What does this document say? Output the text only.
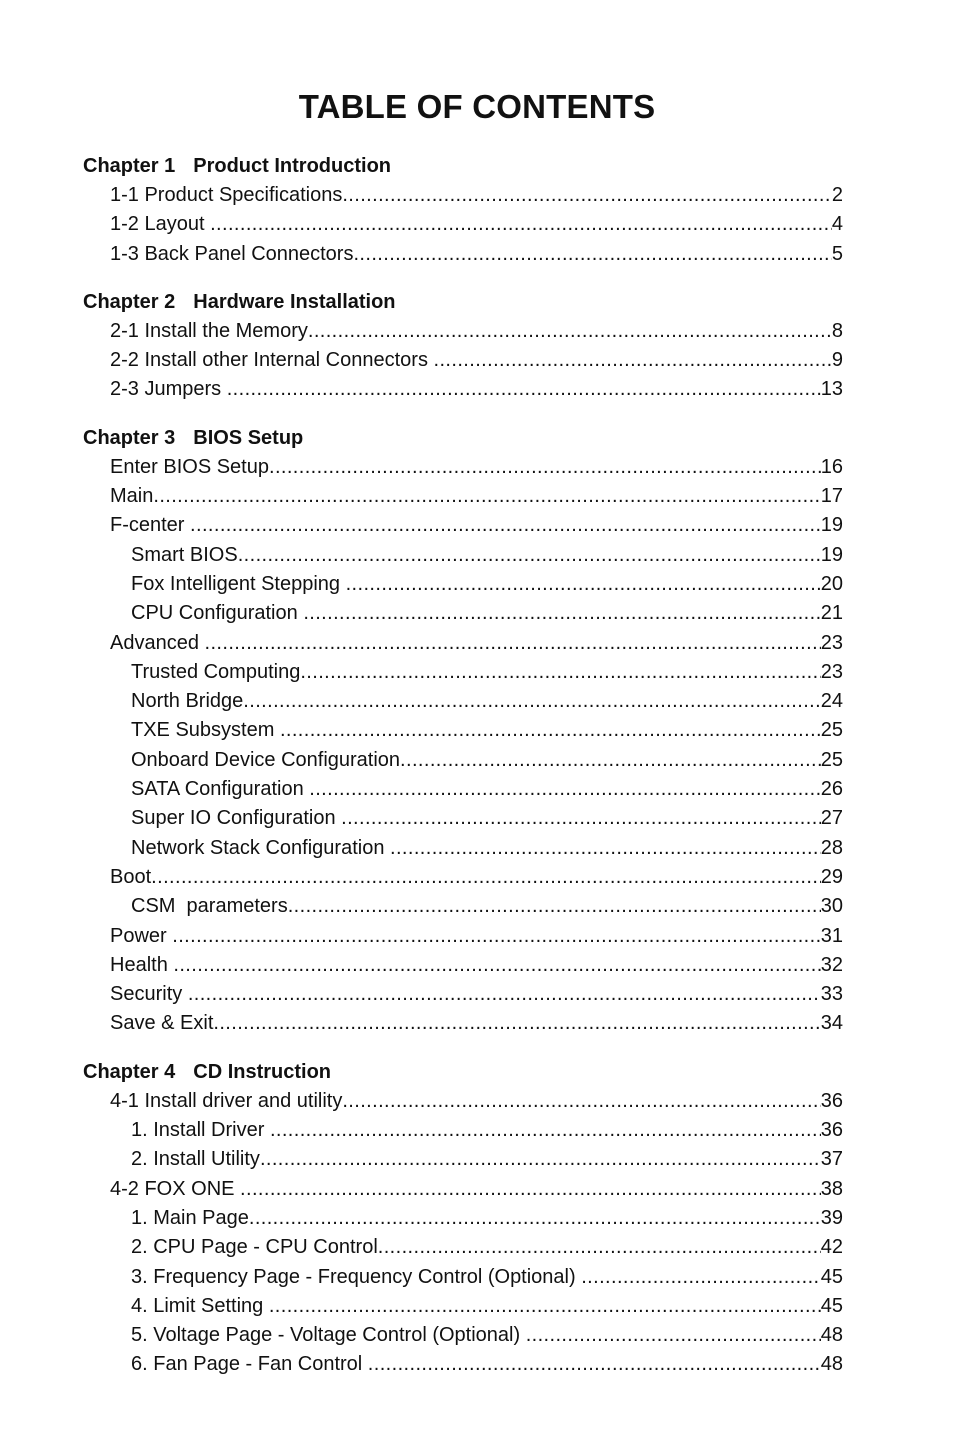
TABLE OF CONTENTS
Chapter 1 Product Introduction
1-1 Product Specifications .....	2
1-2 Layout .....	4
1-3 Back Panel Connectors .....	5
Chapter 2 Hardware Installation
2-1 Install the Memory .....	8
2-2 Install other Internal Connectors .....	9
2-3 Jumpers .....	13
Chapter 3 BIOS Setup
Enter BIOS Setup .....	16
Main .....	17
F-center .....	19
Smart BIOS .....	19
Fox Intelligent Stepping .....	20
CPU Configuration .....	21
Advanced .....	23
Trusted Computing .....	23
North Bridge .....	24
TXE Subsystem .....	25
Onboard Device Configuration .....	25
SATA Configuration .....	26
Super IO Configuration .....	27
Network Stack Configuration .....	28
Boot .....	29
CSM  parameters .....	30
Power .....	31
Health .....	32
Security .....	33
Save & Exit .....	34
Chapter 4 CD Instruction
4-1 Install driver and utility .....	36
1. Install Driver .....	36
2. Install Utility .....	37
4-2 FOX ONE .....	38
1. Main Page .....	39
2. CPU Page - CPU Control .....	42
3. Frequency Page - Frequency Control (Optional) .....	45
4. Limit Setting .....	45
5. Voltage Page - Voltage Control (Optional) .....	48
6. Fan Page - Fan Control .....	48
